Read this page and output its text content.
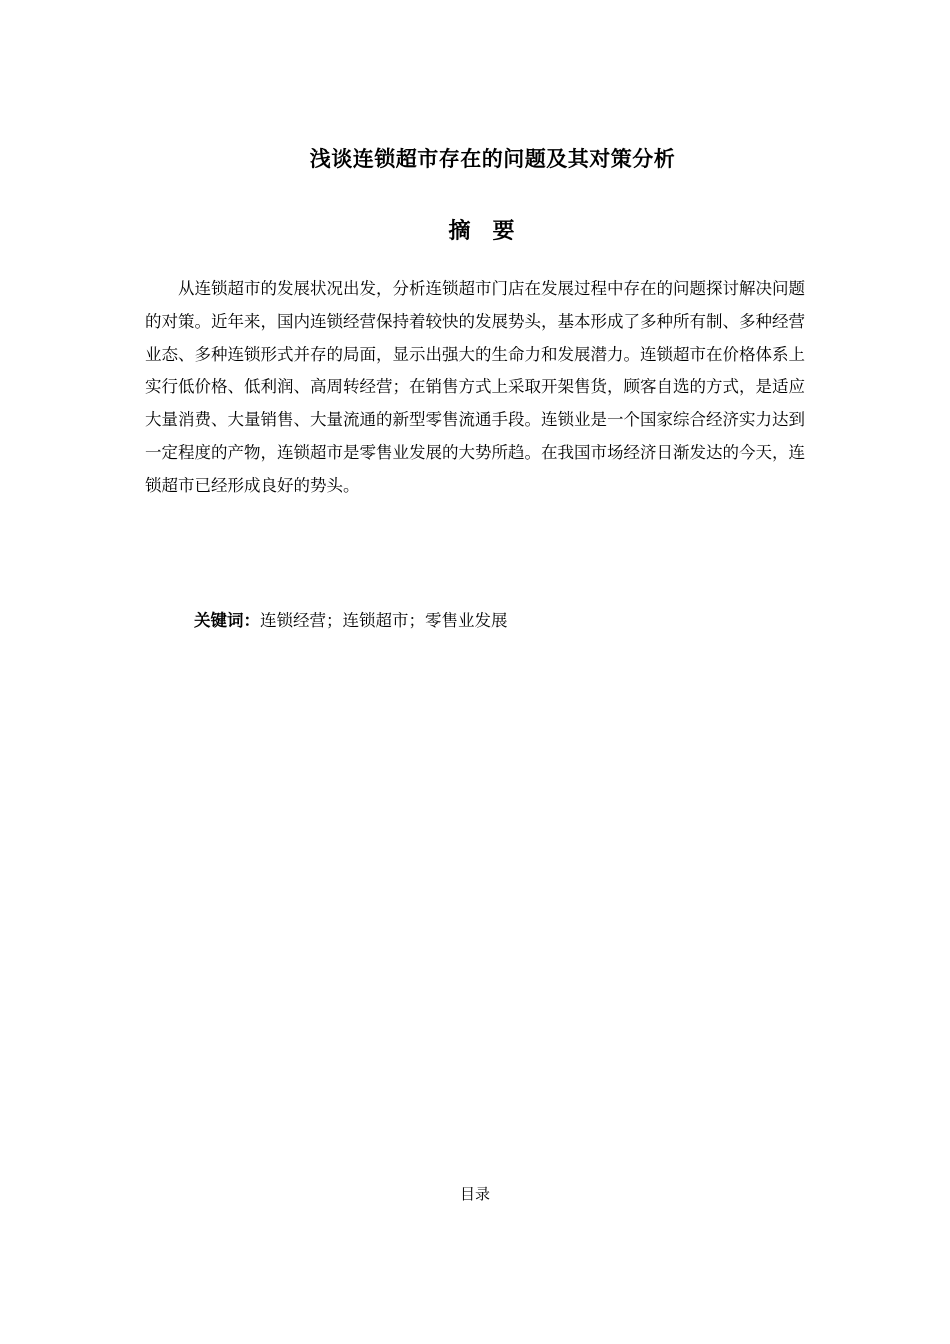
浅谈连锁超市存在的问题及其对策分析
摘要

从连锁超市的发展状况出发，分析连锁超市门店在发展过程中存在的问题探讨解决问题的对策。近年来，国内连锁经营保持着较快的发展势头，基本形成了多种所有制、多种经营业态、多种连锁形式并存的局面，显示出强大的生命力和发展潜力。连锁超市在价格体系上实行低价格、低利润、高周转经营；在销售方式上采取开架售货，顾客自选的方式，是适应大量消费、大量销售、大量流通的新型零售流通手段。连锁业是一个国家综合经济实力达到一定程度的产物，连锁超市是零售业发展的大势所趋。在我国市场经济日渐发达的今天，连锁超市已经形成良好的势头。

关键词：连锁经营；连锁超市；零售业发展

目录
